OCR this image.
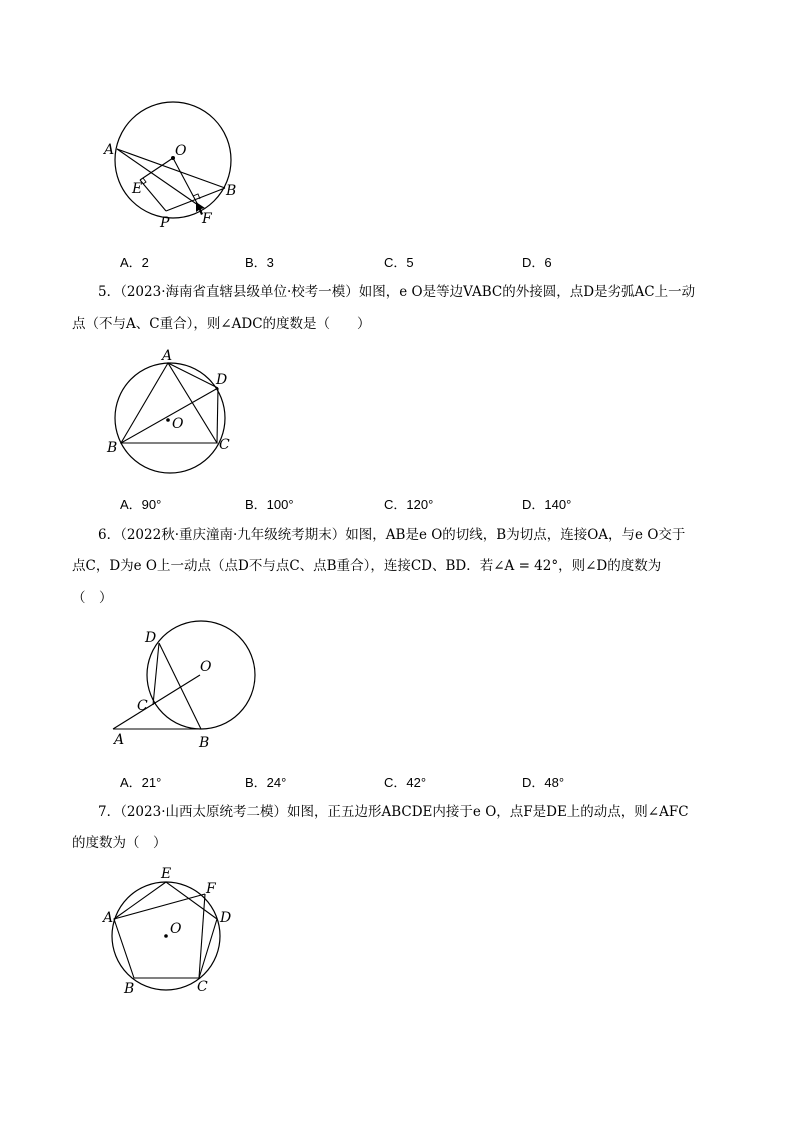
A	O
E	B
P F
A．2	B．3	C．5	D．6
5．（2023·海南省直辖县级单位·校考一模）如图，e O是等边VABC的外接圆，点D是劣弧AC上一动
点（不与A、C重合），则∠ADC的度数是（　　）
A
D
O
B	C
A．90°	B．100°	C．120°	D．140°
6．（2022秋·重庆潼南·九年级统考期末）如图，AB是e O的切线，B为切点，连接OA，与e O交于
点C，D为e O上一动点（点D不与点C、点B重合），连接CD、BD．若∠A = 42°，则∠D的度数为
（　）
D
O
C
A	B
A．21°	B．24°	C．42°	D．48°
7．（2023·山西太原统考二模）如图，正五边形ABCDE内接于e O，点F是DE上的动点，则∠AFC
的度数为（　）
E
F
A	D
O
B	C
